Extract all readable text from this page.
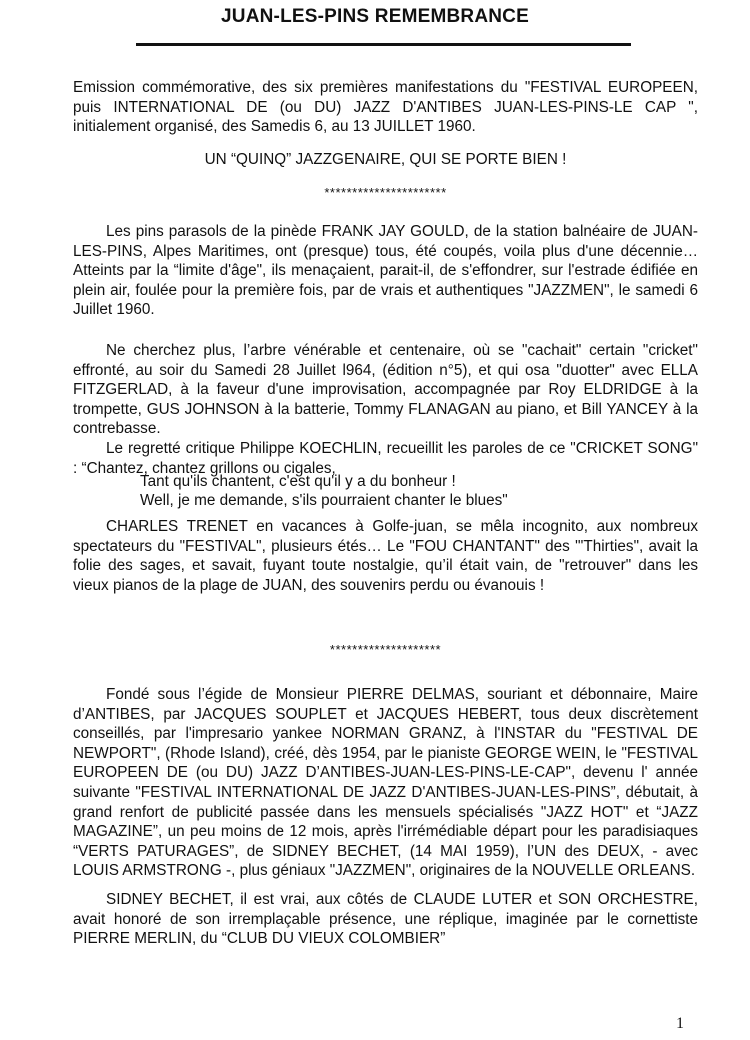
JUAN-LES-PINS REMEMBRANCE

Emission commémorative, des six premières manifestations du "FESTIVAL EUROPEEN, puis INTERNATIONAL DE (ou DU) JAZZ D'ANTIBES JUAN-LES-PINS-LE CAP ", initialement organisé, des Samedis 6, au 13 JUILLET 1960.

UN “QUINQ” JAZZGENAIRE, QUI SE PORTE BIEN !
**********************

Les pins parasols de la pinède FRANK JAY GOULD, de la station balnéaire de JUAN-LES-PINS, Alpes Maritimes, ont (presque) tous, été coupés, voila plus d'une décennie… Atteints par la “limite d'âge", ils menaçaient, parait-il, de s'effondrer, sur l'estrade édifiée en plein air, foulée pour la première fois, par de vrais et authentiques "JAZZMEN", le samedi 6 Juillet 1960.

Ne cherchez plus, l’arbre vénérable et centenaire, où se "cachait" certain "cricket" effronté, au soir du Samedi 28 Juillet l964, (édition n°5), et qui osa "duotter" avec ELLA FITZGERLAD, à la faveur d'une improvisation, accompagnée par Roy ELDRIDGE à la trompette, GUS JOHNSON à la batterie, Tommy FLANAGAN au piano, et Bill YANCEY à la contrebasse.

Le regretté critique Philippe KOECHLIN, recueillit les paroles de ce "CRICKET SONG" : “Chantez, chantez grillons ou cigales,

Tant qu'ils chantent, c'est qu'il y a du bonheur !
Well, je me demande, s'ils pourraient chanter le blues"

CHARLES TRENET en vacances à Golfe-juan, se mêla incognito, aux nombreux spectateurs du "FESTIVAL", plusieurs étés… Le "FOU CHANTANT" des "'Thirties", avait la folie des sages, et savait, fuyant toute nostalgie, qu’il était vain, de "retrouver" dans les vieux pianos de la plage de JUAN, des souvenirs perdu ou évanouis !

********************

Fondé sous l’égide de Monsieur PIERRE DELMAS, souriant et débonnaire, Maire d’ANTIBES, par JACQUES SOUPLET et JACQUES HEBERT, tous deux discrètement conseillés, par l'impresario yankee NORMAN GRANZ, à l'INSTAR du "FESTIVAL DE NEWPORT", (Rhode Island), créé, dès 1954, par le pianiste GEORGE WEIN, le "FESTIVAL EUROPEEN DE (ou DU) JAZZ D’ANTIBES-JUAN-LES-PINS-LE-CAP", devenu l' année suivante "FESTIVAL INTERNATIONAL DE JAZZ D'ANTIBES-JUAN-LES-PINS”, débutait, à grand renfort de publicité passée dans les mensuels spécialisés "JAZZ HOT" et “JAZZ MAGAZINE”, un peu moins de 12 mois, après l'irrémédiable départ pour les paradisiaques “VERTS PATURAGES”, de SIDNEY BECHET, (14 MAI 1959), l’UN des DEUX, - avec LOUIS ARMSTRONG -, plus géniaux "JAZZMEN", originaires de la NOUVELLE ORLEANS.

SIDNEY BECHET, il est vrai, aux côtés de CLAUDE LUTER et SON ORCHESTRE, avait honoré de son irremplaçable présence, une réplique, imaginée par le cornettiste PIERRE MERLIN, du “CLUB DU VIEUX COLOMBIER”

1
